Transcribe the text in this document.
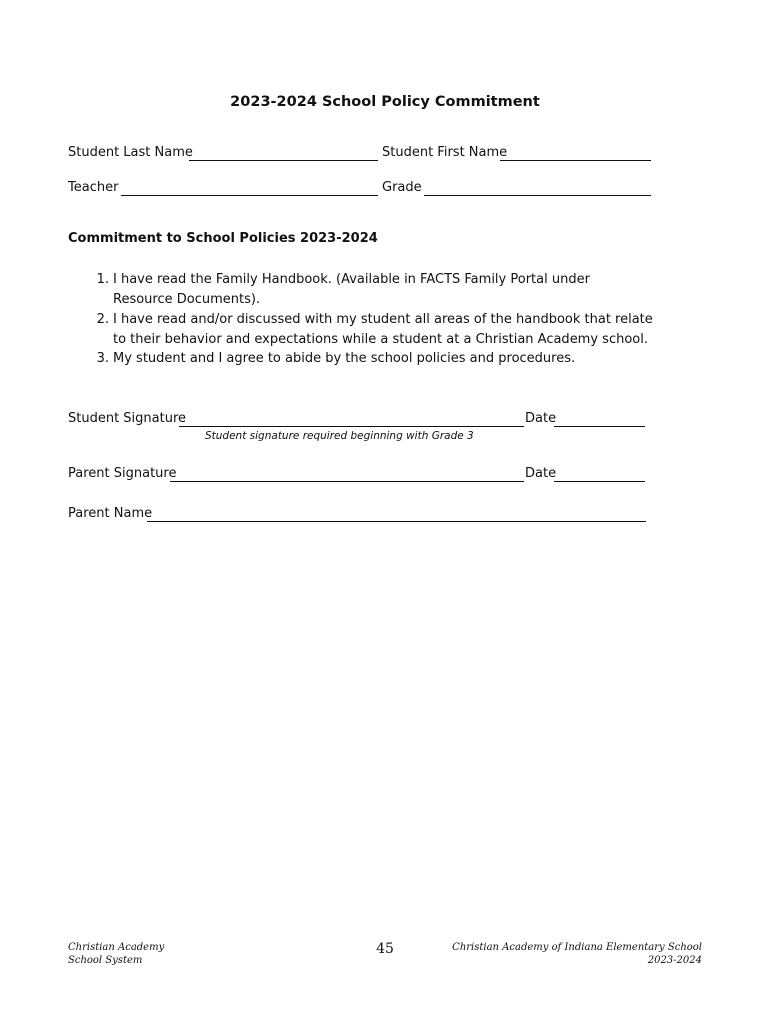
2023-2024 School Policy Commitment
Student Last Name	Student First Name
Teacher	Grade
Commitment to School Policies 2023-2024
1. I have read the Family Handbook. (Available in FACTS Family Portal under Resource Documents).
2. I have read and/or discussed with my student all areas of the handbook that relate to their behavior and expectations while a student at a Christian Academy school.
3. My student and I agree to abide by the school policies and procedures.
Student Signature	Date
Student signature required beginning with Grade 3
Parent Signature	Date
Parent Name
Christian Academy
School System
45	Christian Academy of Indiana Elementary School
2023-2024
